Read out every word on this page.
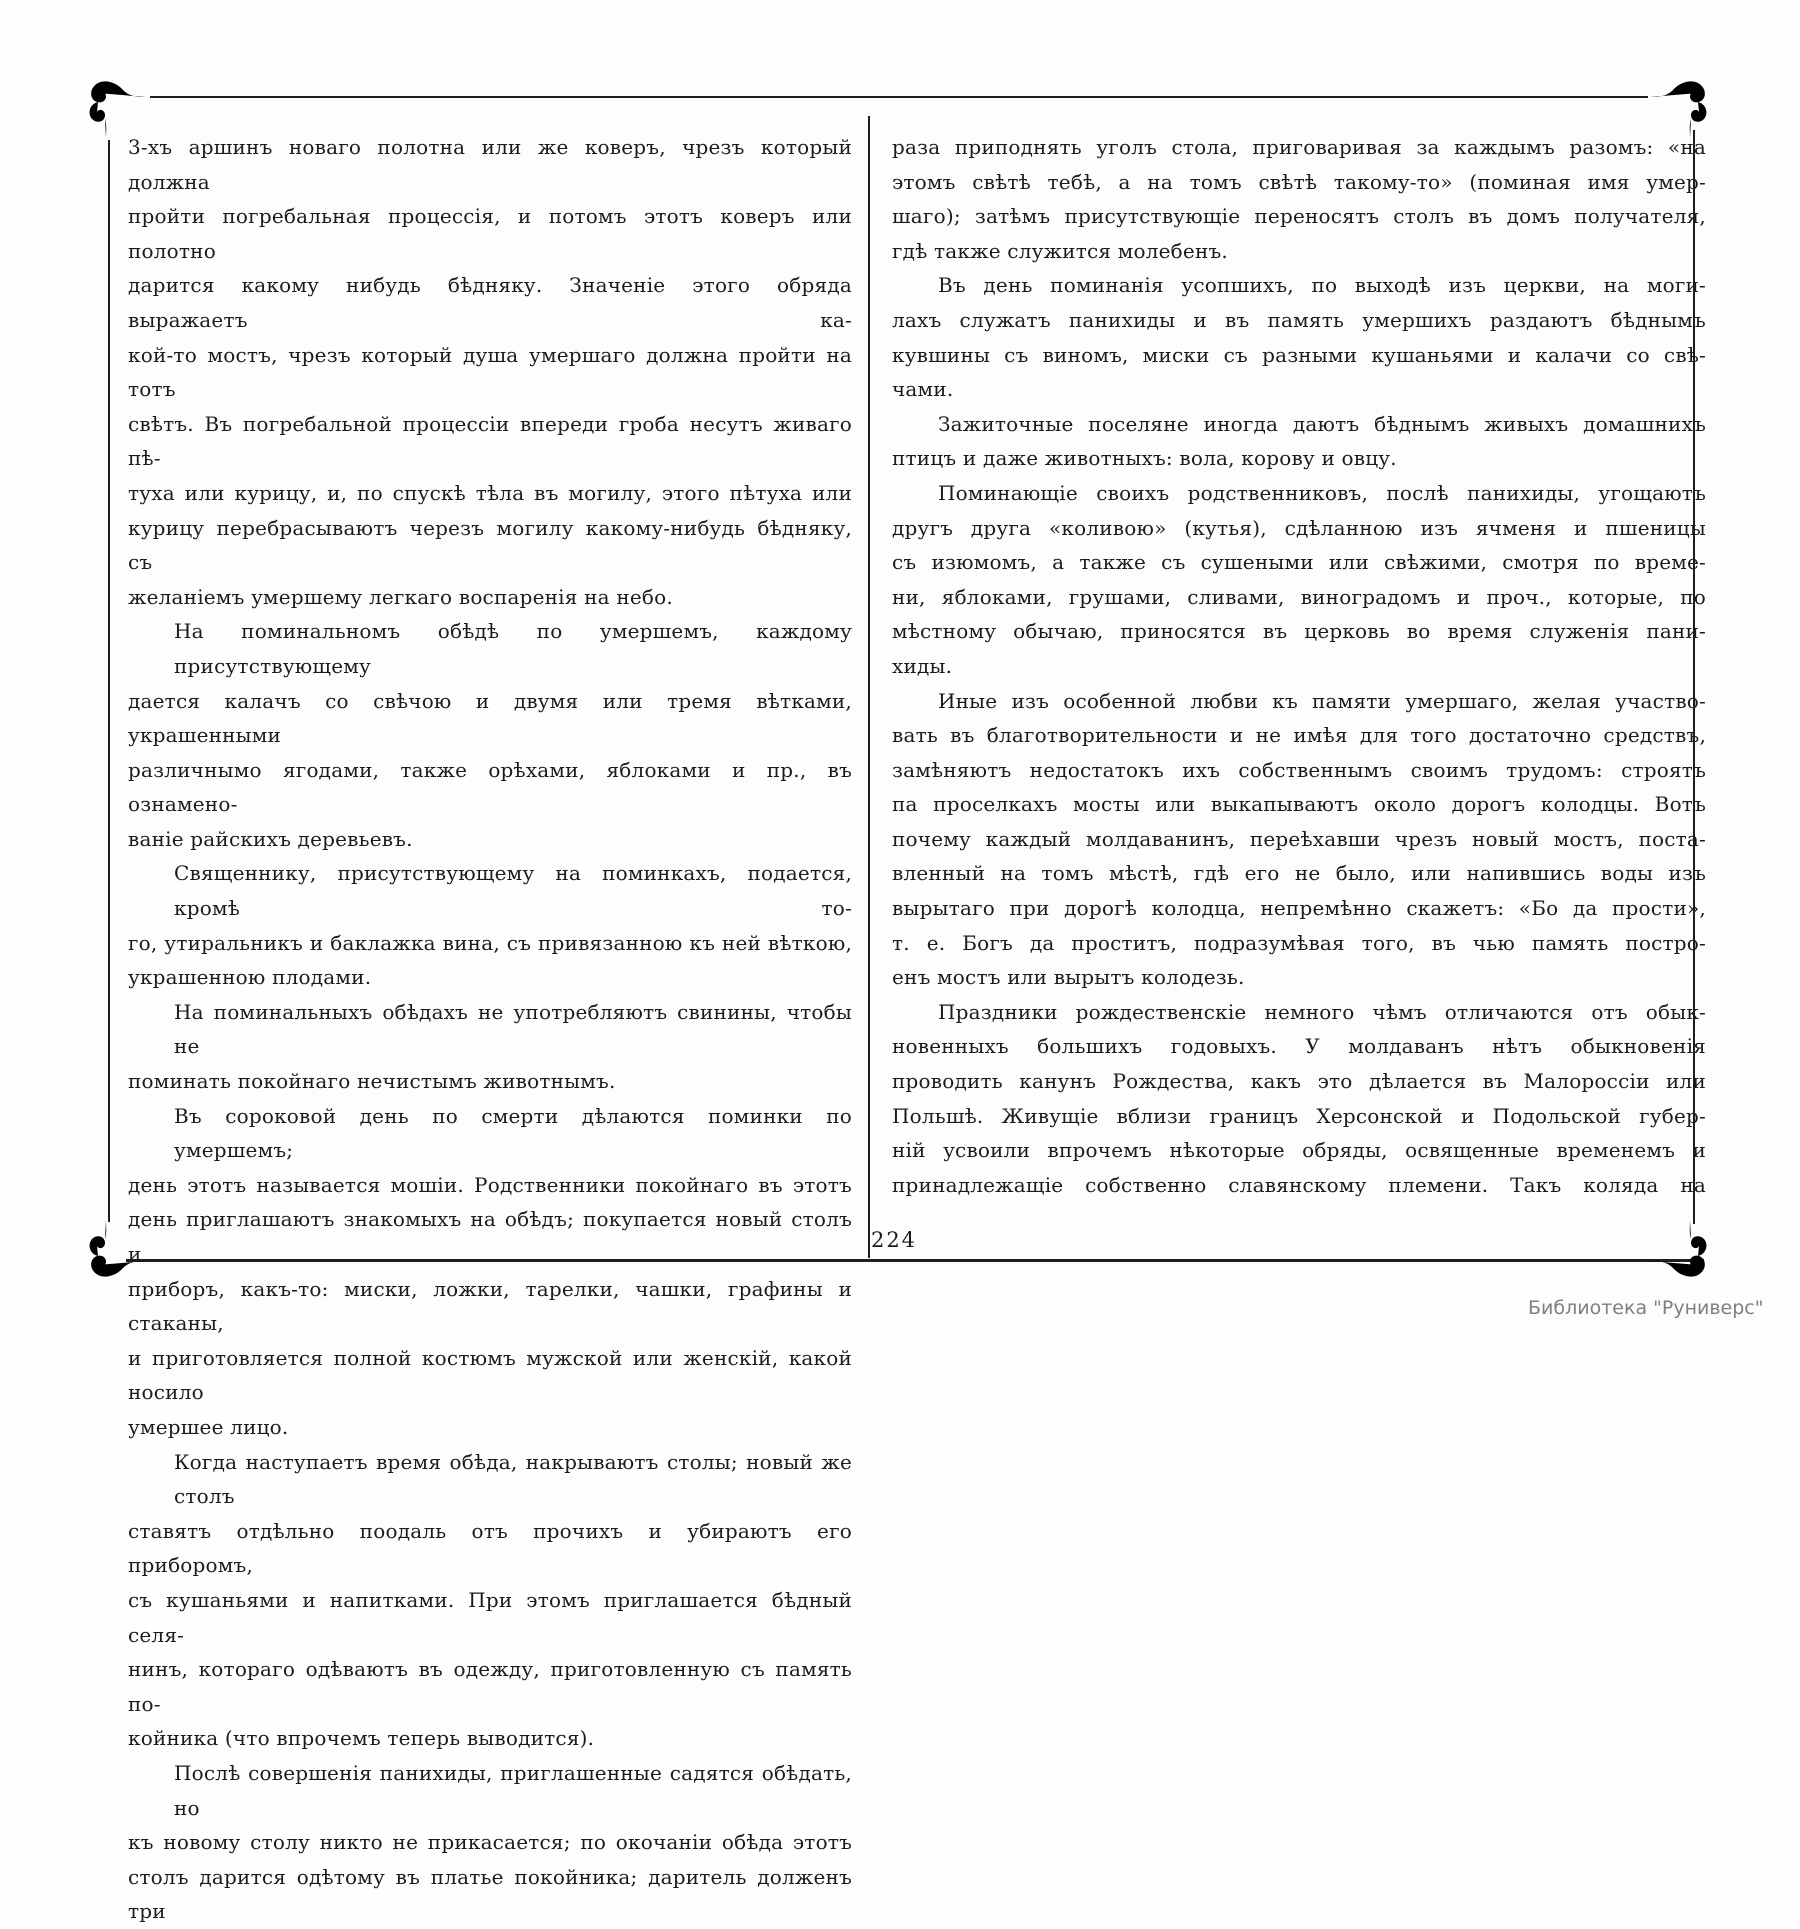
3-хъ аршинъ новаго полотна или же коверъ, чрезъ который должна
пройти погребальная процессія, и потомъ этотъ коверъ или полотно
дарится какому нибудь бѣдняку. Значеніе этого обряда выражаетъ ка-
кой-то мостъ, чрезъ который душа умершаго должна пройти на тотъ
свѣтъ. Въ погребальной процессіи впереди гроба несутъ живаго пѣ-
туха или курицу, и, по спускѣ тѣла въ могилу, этого пѣтуха или
курицу перебрасываютъ черезъ могилу какому-нибудь бѣдняку, съ
желаніемъ умершему легкаго воспаренія на небо.
На поминальномъ обѣдѣ по умершемъ, каждому присутствующему
дается калачъ со свѣчою и двумя или тремя вѣтками, украшенными
различнымо ягодами, также орѣхами, яблоками и пр., въ ознамено-
ваніе райскихъ деревьевъ.
Священнику, присутствующему на поминкахъ, подается, кромѣ то-
го, утиральникъ и баклажка вина, съ привязанною къ ней вѣткою,
украшенною плодами.
На поминальныхъ обѣдахъ не употребляютъ свинины, чтобы не
поминать покойнаго нечистымъ животнымъ.
Въ сороковой день по смерти дѣлаются поминки по умершемъ;
день этотъ называется мошіи. Родственники покойнаго въ этотъ
день приглашаютъ знакомыхъ на обѣдъ; покупается новый столъ и
приборъ, какъ-то: миски, ложки, тарелки, чашки, графины и стаканы,
и приготовляется полной костюмъ мужской или женскій, какой носило
умершее лицо.
Когда наступаетъ время обѣда, накрываютъ столы; новый же столъ
ставятъ отдѣльно поодаль отъ прочихъ и убираютъ его приборомъ,
съ кушаньями и напитками. При этомъ приглашается бѣдный селя-
нинъ, котораго одѣваютъ въ одежду, приготовленную съ память по-
койника (что впрочемъ теперь выводится).
Послѣ совершенія панихиды, приглашенные садятся обѣдать, но
къ новому столу никто не прикасается; по окочаніи обѣда этотъ
столъ дарится одѣтому въ платье покойника; даритель долженъ три
раза приподнять уголъ стола, приговаривая за каждымъ разомъ: «на
этомъ свѣтѣ тебѣ, а на томъ свѣтѣ такому-то» (поминая имя умер-
шаго); затѣмъ присутствующіе переносятъ столъ въ домъ получателя,
гдѣ также служится молебенъ.
Въ день поминанія усопшихъ, по выходѣ изъ церкви, на моги-
лахъ служатъ панихиды и въ память умершихъ раздаютъ бѣднымъ
кувшины съ виномъ, миски съ разными кушаньями и калачи со свѣ-
чами.
Зажиточные поселяне иногда даютъ бѣднымъ живыхъ домашнихъ
птицъ и даже животныхъ: вола, корову и овцу.
Поминающіе своихъ родственниковъ, послѣ панихиды, угощаютъ
другъ друга «коливою» (кутья), сдѣланною изъ ячменя и пшеницы
съ изюмомъ, а также съ сушеными или свѣжими, смотря по време-
ни, яблоками, грушами, сливами, виноградомъ и проч., которые, по
мѣстному обычаю, приносятся въ церковь во время служенія пани-
хиды.
Иные изъ особенной любви къ памяти умершаго, желая участво-
вать въ благотворительности и не имѣя для того достаточно средствъ,
замѣняютъ недостатокъ ихъ собственнымъ своимъ трудомъ: строятъ
па проселкахъ мосты или выкапываютъ около дорогъ колодцы. Вотъ
почему каждый молдаванинъ, переѣхавши чрезъ новый мостъ, поста-
вленный на томъ мѣстѣ, гдѣ его не было, или напившись воды изъ
вырытаго при дорогѣ колодца, непремѣнно скажетъ: «Бо да прости»,
т. е. Богъ да проститъ, подразумѣвая того, въ чью память постро-
енъ мостъ или вырытъ колодезь.
Праздники рождественскіе немного чѣмъ отличаются отъ обык-
новенныхъ большихъ годовыхъ. У молдаванъ нѣтъ обыкновенія
проводить канунъ Рождества, какъ это дѣлается въ Малороссіи или
Польшѣ. Живущіе вблизи границъ Херсонской и Подольской губер-
ній усвоили впрочемъ нѣкоторые обряды, освященные временемъ и
принадлежащіе собственно славянскому племени. Такъ коляда на
224
Библиотека "Руниверс"
